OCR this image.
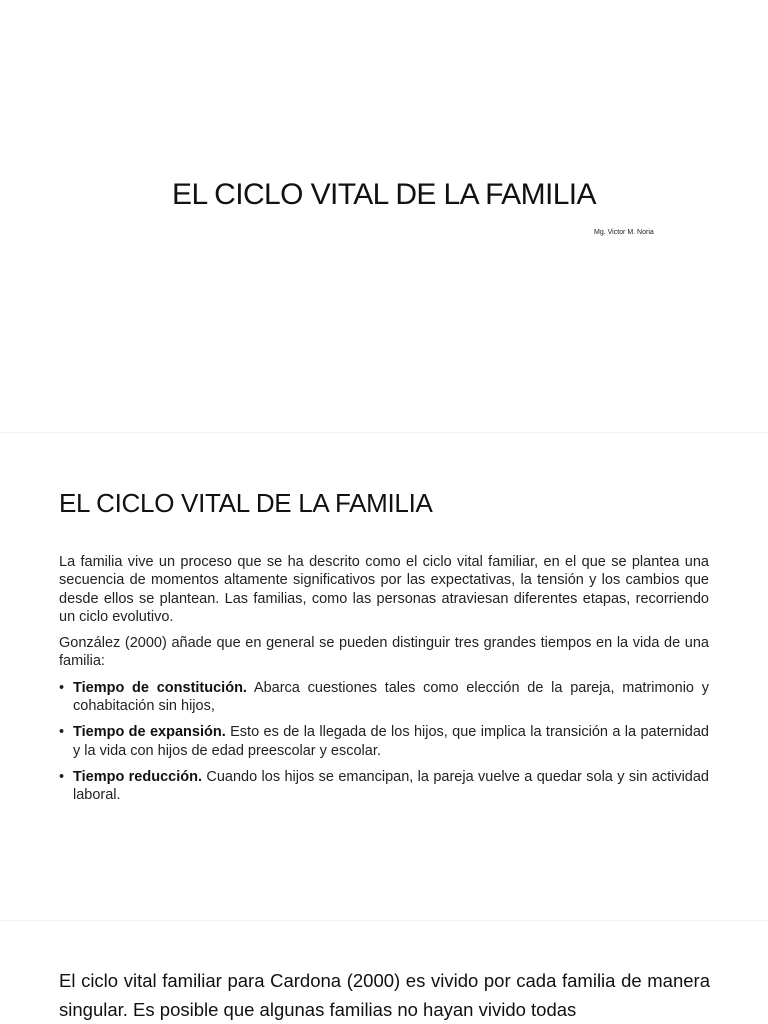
EL CICLO VITAL DE LA FAMILIA
Mg. Victor M. Noria
EL CICLO VITAL DE LA FAMILIA

La familia vive un proceso que se ha descrito como el ciclo vital familiar, en el que se plantea una secuencia de momentos altamente significativos por las expectativas, la tensión y los cambios que desde ellos se plantean. Las familias, como las personas atraviesan diferentes etapas, recorriendo un ciclo evolutivo.

González (2000) añade que en general se pueden distinguir tres grandes tiempos en la vida de una familia:

• Tiempo de constitución. Abarca cuestiones tales como elección de la pareja, matrimonio y cohabitación sin hijos,
• Tiempo de expansión. Esto es de la llegada de los hijos, que implica la transición a la paternidad y la vida con hijos de edad preescolar y escolar.
• Tiempo reducción. Cuando los hijos se emancipan, la pareja vuelve a quedar sola y sin actividad laboral.

El ciclo vital familiar para Cardona (2000) es vivido por cada familia de manera singular. Es posible que algunas familias no hayan vivido todas
